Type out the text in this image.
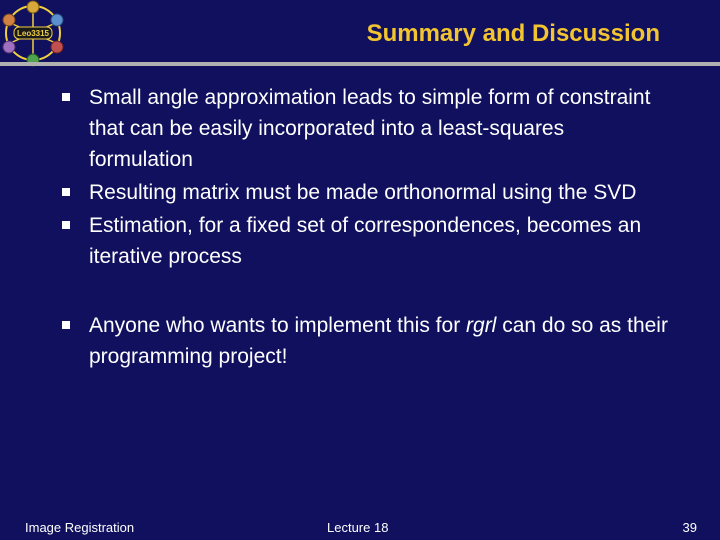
Leo3315	Summary and Discussion
Small angle approximation leads to simple form of constraint that can be easily incorporated into a least-squares formulation
Resulting matrix must be made orthonormal using the SVD
Estimation, for a fixed set of correspondences, becomes an iterative process
Anyone who wants to implement this for rgrl can do so as their programming project!
Image Registration	Lecture 18	39
